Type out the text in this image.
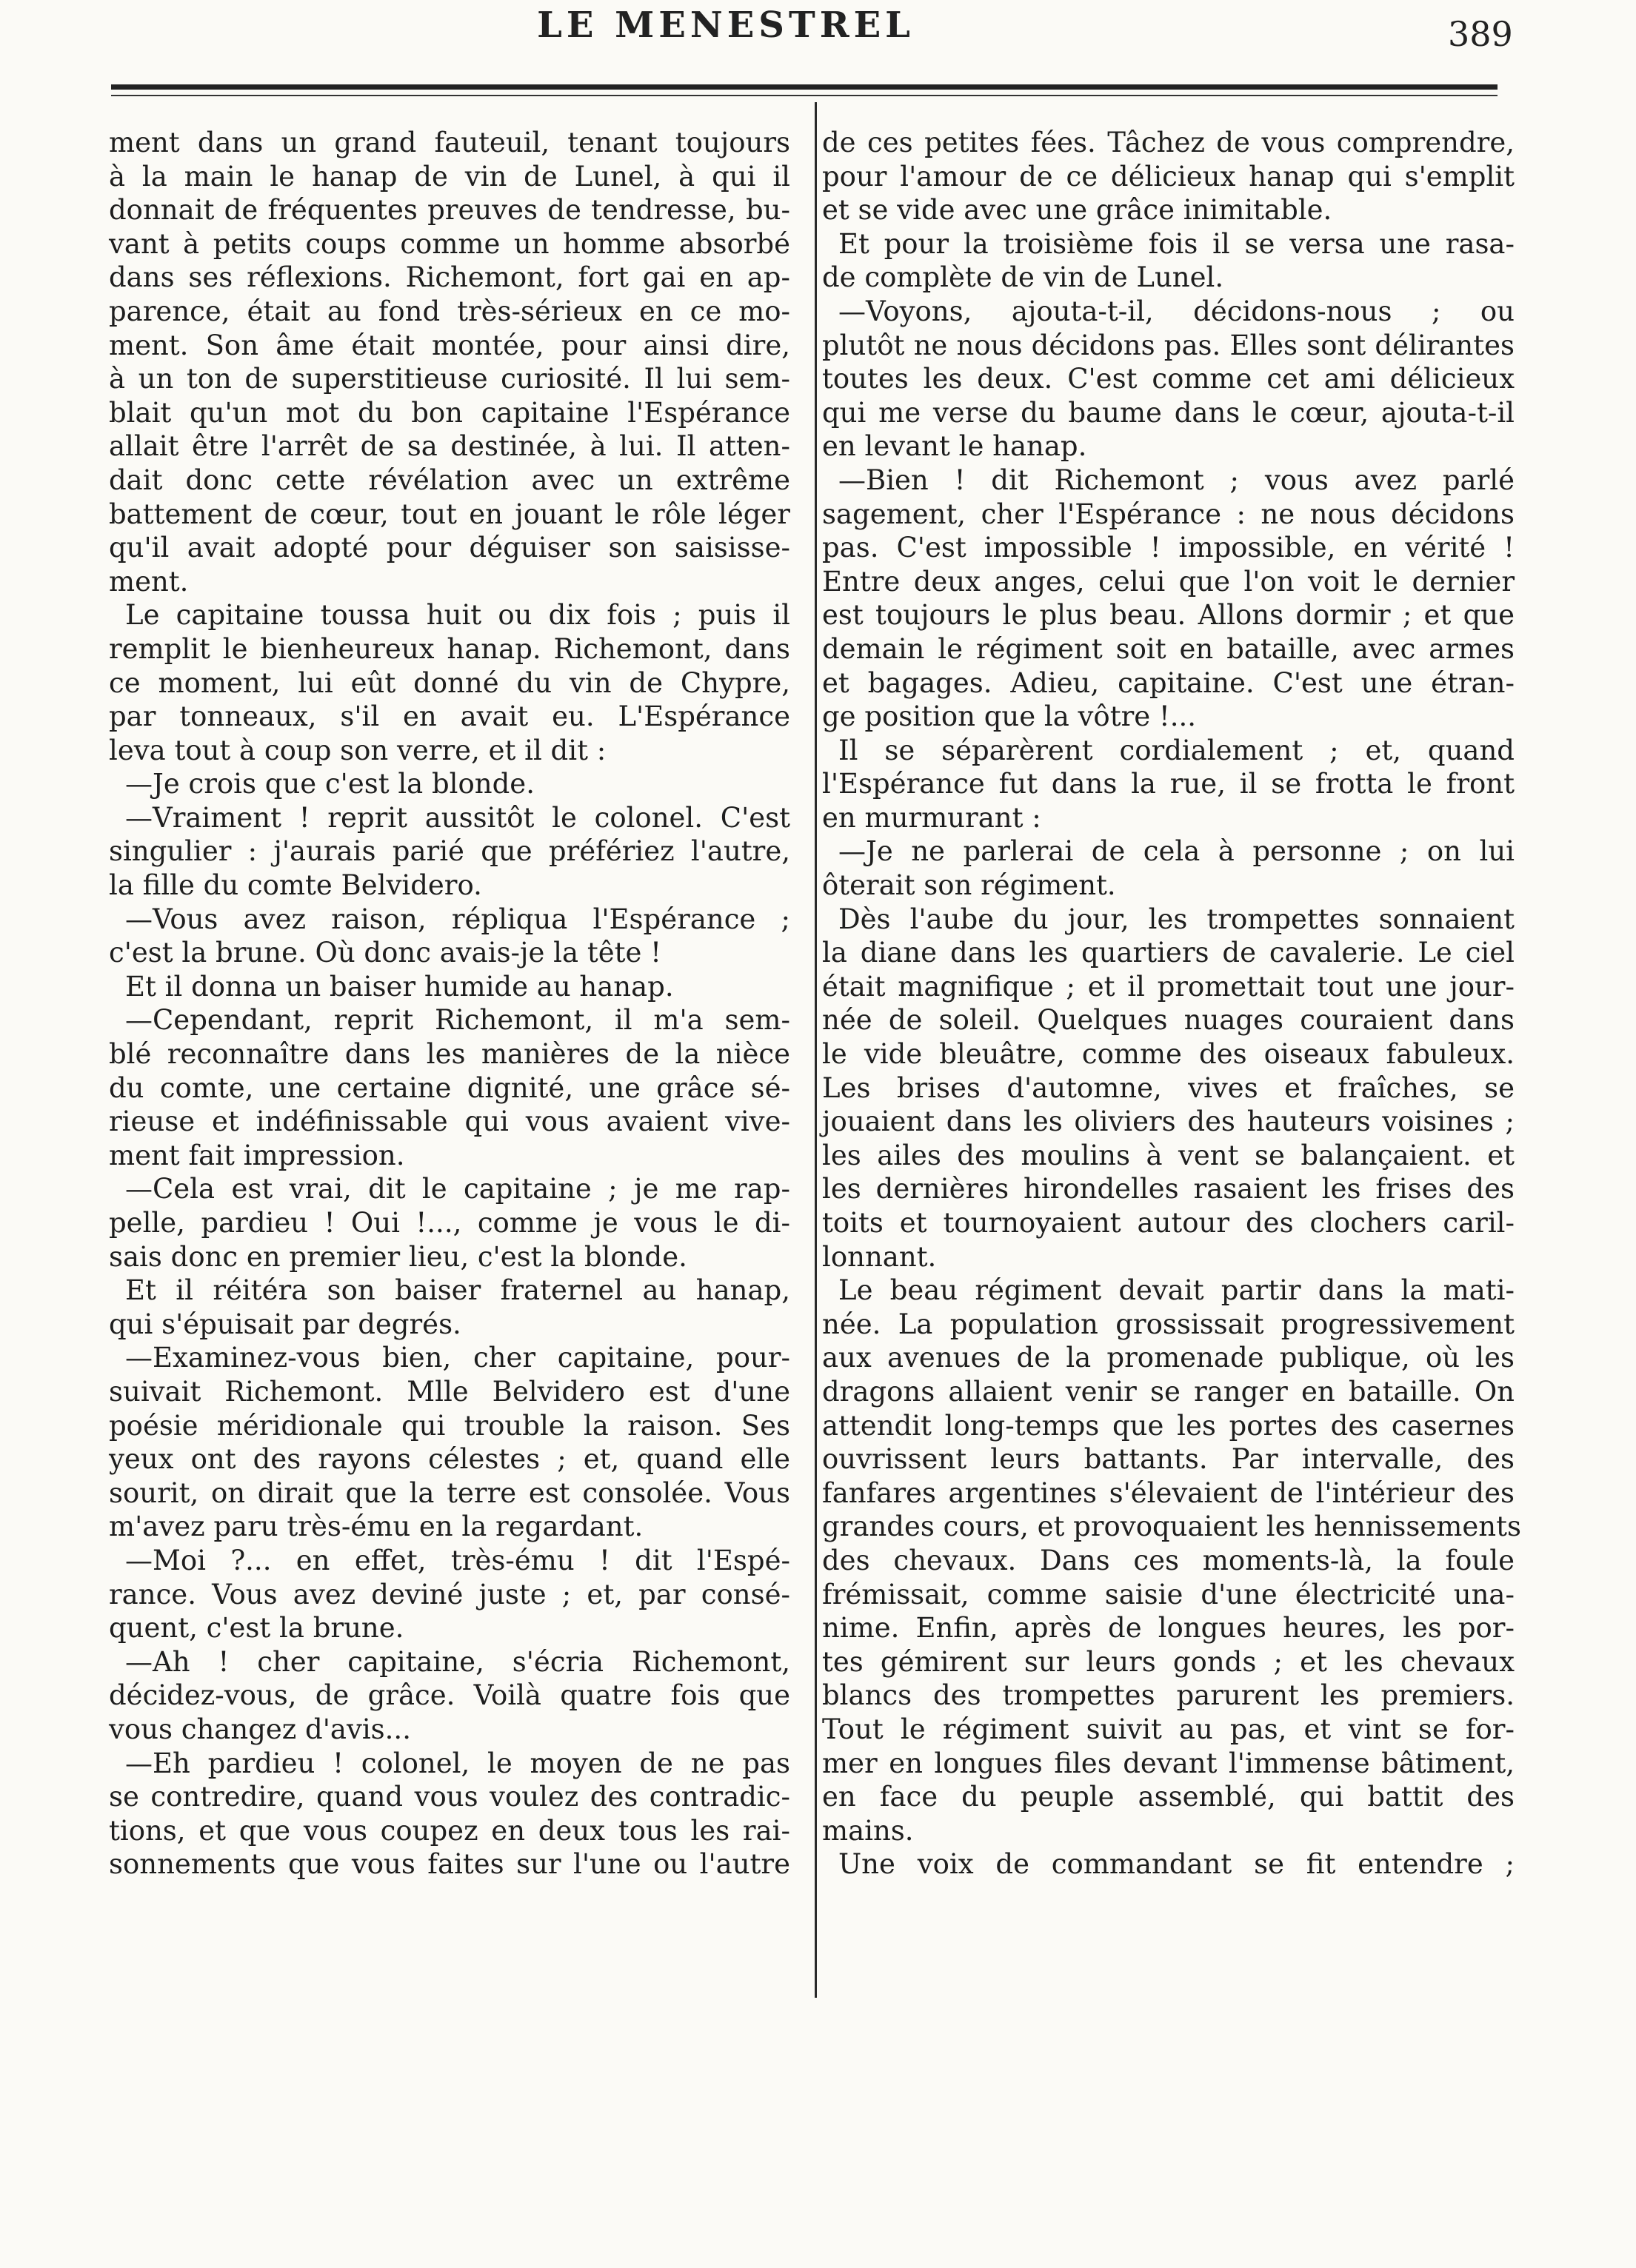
LE MENESTREL	389
ment dans un grand fauteuil, tenant toujours
à la main le hanap de vin de Lunel, à qui il
donnait de fréquentes preuves de tendresse, bu-
vant à petits coups comme un homme absorbé
dans ses réflexions. Richemont, fort gai en ap-
parence, était au fond très-sérieux en ce mo-
ment. Son âme était montée, pour ainsi dire,
à un ton de superstitieuse curiosité. Il lui sem-
blait qu'un mot du bon capitaine l'Espérance
allait être l'arrêt de sa destinée, à lui. Il atten-
dait donc cette révélation avec un extrême
battement de cœur, tout en jouant le rôle léger
qu'il avait adopté pour déguiser son saisisse-
ment.
Le capitaine toussa huit ou dix fois ; puis il
remplit le bienheureux hanap. Richemont, dans
ce moment, lui eût donné du vin de Chypre,
par tonneaux, s'il en avait eu. L'Espérance
leva tout à coup son verre, et il dit :
—Je crois que c'est la blonde.
—Vraiment ! reprit aussitôt le colonel. C'est
singulier : j'aurais parié que préfériez l'autre,
la fille du comte Belvidero.
—Vous avez raison, répliqua l'Espérance ;
c'est la brune. Où donc avais-je la tête !
Et il donna un baiser humide au hanap.
—Cependant, reprit Richemont, il m'a sem-
blé reconnaître dans les manières de la nièce
du comte, une certaine dignité, une grâce sé-
rieuse et indéfinissable qui vous avaient vive-
ment fait impression.
—Cela est vrai, dit le capitaine ; je me rap-
pelle, pardieu ! Oui !..., comme je vous le di-
sais donc en premier lieu, c'est la blonde.
Et il réitéra son baiser fraternel au hanap,
qui s'épuisait par degrés.
—Examinez-vous bien, cher capitaine, pour-
suivait Richemont. Mlle Belvidero est d'une
poésie méridionale qui trouble la raison. Ses
yeux ont des rayons célestes ; et, quand elle
sourit, on dirait que la terre est consolée. Vous
m'avez paru très-ému en la regardant.
—Moi ?... en effet, très-ému ! dit l'Espé-
rance. Vous avez deviné juste ; et, par consé-
quent, c'est la brune.
—Ah ! cher capitaine, s'écria Richemont,
décidez-vous, de grâce. Voilà quatre fois que
vous changez d'avis...
—Eh pardieu ! colonel, le moyen de ne pas
se contredire, quand vous voulez des contradic-
tions, et que vous coupez en deux tous les rai-
sonnements que vous faites sur l'une ou l'autre
de ces petites fées. Tâchez de vous comprendre,
pour l'amour de ce délicieux hanap qui s'emplit
et se vide avec une grâce inimitable.
Et pour la troisième fois il se versa une rasa-
de complète de vin de Lunel.
—Voyons, ajouta-t-il, décidons-nous ; ou
plutôt ne nous décidons pas. Elles sont délirantes
toutes les deux. C'est comme cet ami délicieux
qui me verse du baume dans le cœur, ajouta-t-il
en levant le hanap.
—Bien ! dit Richemont ; vous avez parlé
sagement, cher l'Espérance : ne nous décidons
pas. C'est impossible ! impossible, en vérité !
Entre deux anges, celui que l'on voit le dernier
est toujours le plus beau. Allons dormir ; et que
demain le régiment soit en bataille, avec armes
et bagages. Adieu, capitaine. C'est une étran-
ge position que la vôtre !...
Il se séparèrent cordialement ; et, quand
l'Espérance fut dans la rue, il se frotta le front
en murmurant :
—Je ne parlerai de cela à personne ; on lui
ôterait son régiment.
Dès l'aube du jour, les trompettes sonnaient
la diane dans les quartiers de cavalerie. Le ciel
était magnifique ; et il promettait tout une jour-
née de soleil. Quelques nuages couraient dans
le vide bleuâtre, comme des oiseaux fabuleux.
Les brises d'automne, vives et fraîches, se
jouaient dans les oliviers des hauteurs voisines ;
les ailes des moulins à vent se balançaient. et
les dernières hirondelles rasaient les frises des
toits et tournoyaient autour des clochers caril-
lonnant.
Le beau régiment devait partir dans la mati-
née. La population grossissait progressivement
aux avenues de la promenade publique, où les
dragons allaient venir se ranger en bataille. On
attendit long-temps que les portes des casernes
ouvrissent leurs battants. Par intervalle, des
fanfares argentines s'élevaient de l'intérieur des
grandes cours, et provoquaient les hennissements
des chevaux. Dans ces moments-là, la foule
frémissait, comme saisie d'une électricité una-
nime. Enfin, après de longues heures, les por-
tes gémirent sur leurs gonds ; et les chevaux
blancs des trompettes parurent les premiers.
Tout le régiment suivit au pas, et vint se for-
mer en longues files devant l'immense bâtiment,
en face du peuple assemblé, qui battit des
mains.
Une voix de commandant se fit entendre ;
